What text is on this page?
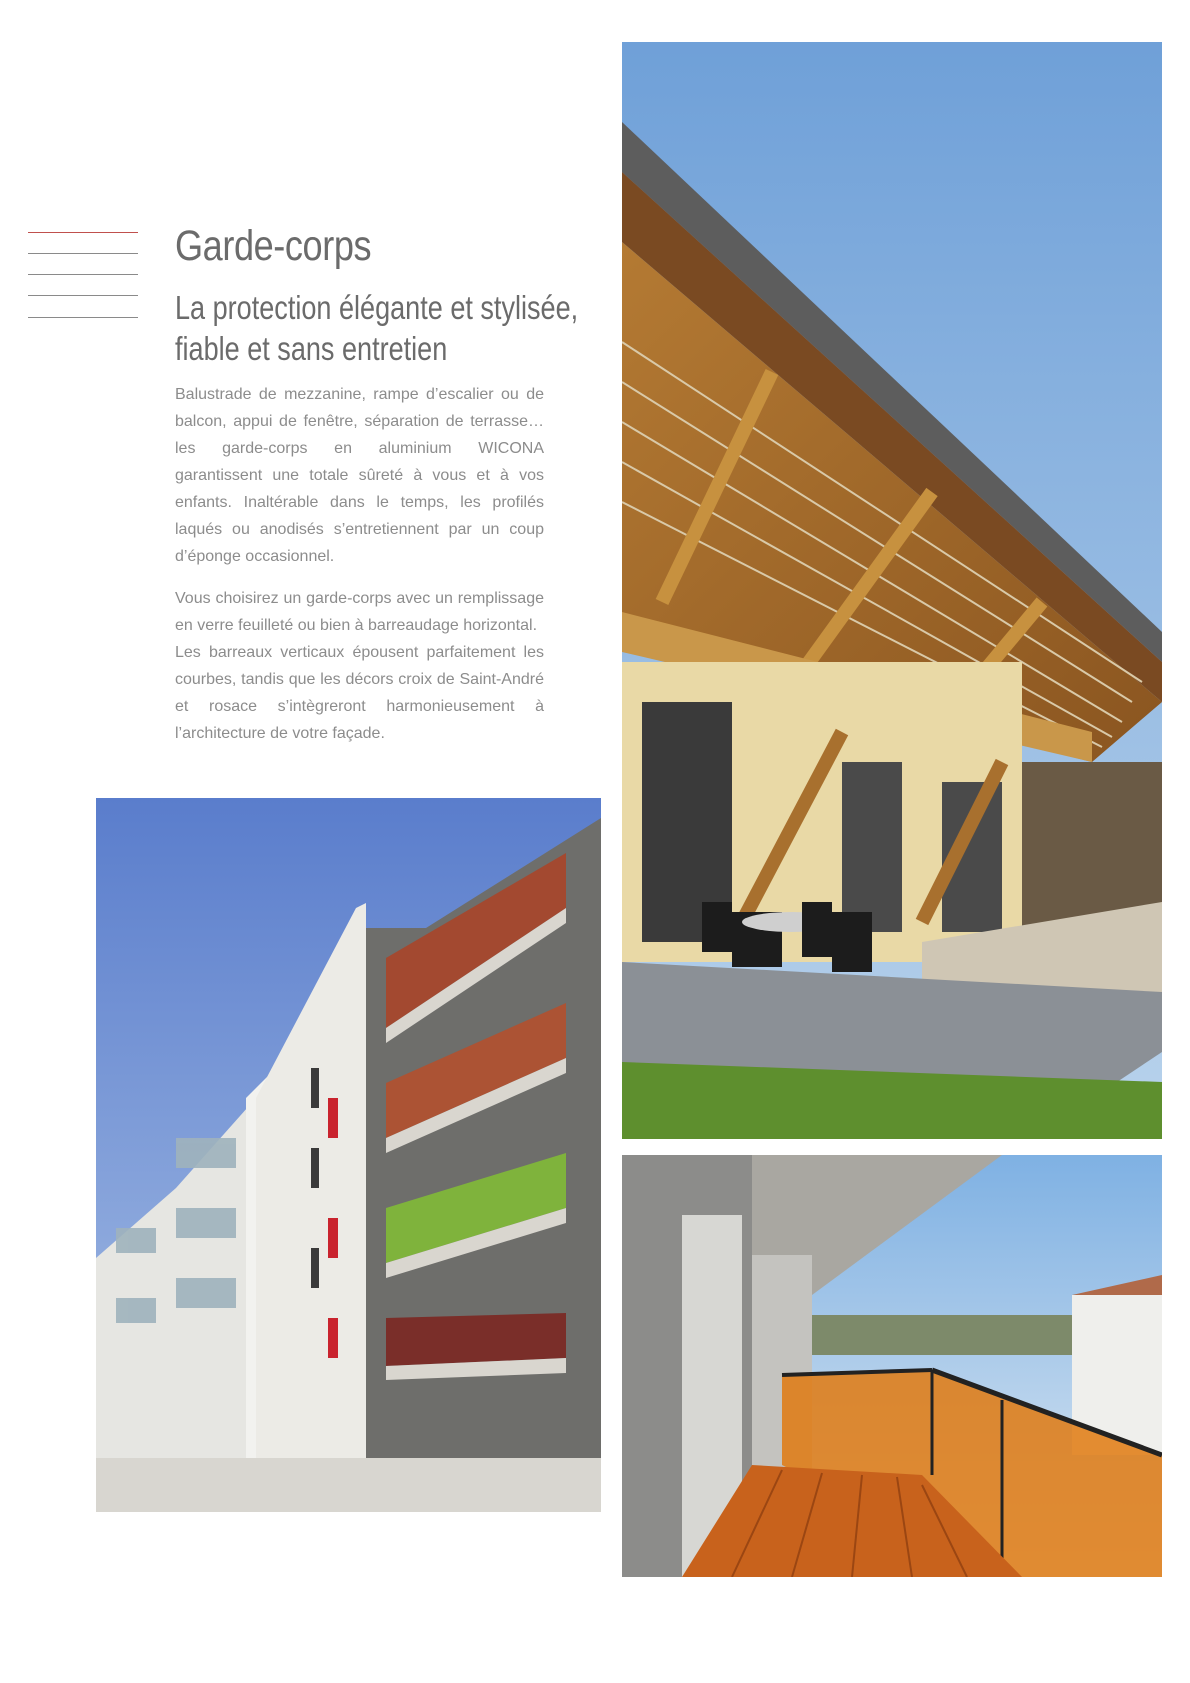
Garde-corps
La protection élégante et stylisée,
fiable et sans entretien

Balustrade de mezzanine, rampe d’escalier ou de balcon, appui de fenêtre, séparation de terrasse… les garde-corps en aluminium WICONA garantissent une totale sûreté à vous et à vos enfants. Inaltérable dans le temps, les profilés laqués ou anodisés s’entretiennent par un coup d’éponge occasionnel.

Vous choisirez un garde-corps avec un remplissage en verre feuilleté ou bien à barreaudage horizontal.

Les barreaux verticaux épousent parfaitement les courbes, tandis que les décors croix de Saint-André et rosace s’intègreront harmonieusement à l’architecture de votre façade.
